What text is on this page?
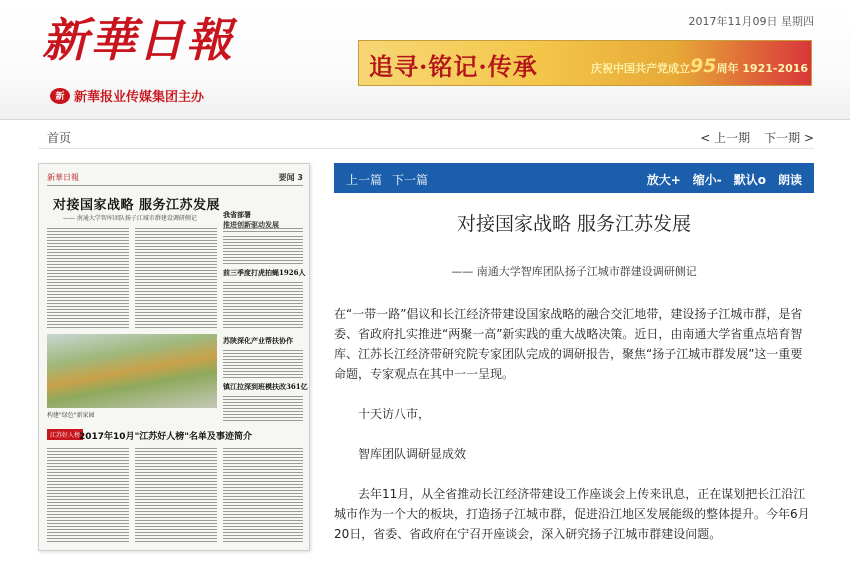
新華日報
新 新華报业传媒集团主办
2017年11月09日 星期四
追寻·铭记·传承	庆祝中国共产党成立95周年 1921-2016
首页	< 上一期 下一期 >
新華日報	要闻 3
对接国家战略 服务江苏发展
—— 南通大学智库团队扬子江城市群建设调研侧记	我省部署
推进创新驱动发展
前三季度打虎拍蝇1926人
苏陕深化产业帮扶协作
镇江拉深到班模扶改361亿
构建"绿色"新家园
江苏好人榜
2017年10月"江苏好人榜"名单及事迹简介
上一篇 下一篇	放大+ 缩小- 默认o 朗读
对接国家战略 服务江苏发展
—— 南通大学智库团队扬子江城市群建设调研侧记

在“一带一路”倡议和长江经济带建设国家战略的融合交汇地带，建设扬子江城市群，是省委、省政府扎实推进“两聚一高”新实践的重大战略决策。近日，由南通大学省重点培育智库、江苏长江经济带研究院专家团队完成的调研报告，聚焦“扬子江城市群发展”这一重要命题，专家观点在其中一一呈现。

十天访八市，

智库团队调研显成效

去年11月，从全省推动长江经济带建设工作座谈会上传来讯息，正在谋划把长江沿江城市作为一个大的板块，打造扬子江城市群，促进沿江地区发展能级的整体提升。今年6月20日，省委、省政府在宁召开座谈会，深入研究扬子江城市群建设问题。
